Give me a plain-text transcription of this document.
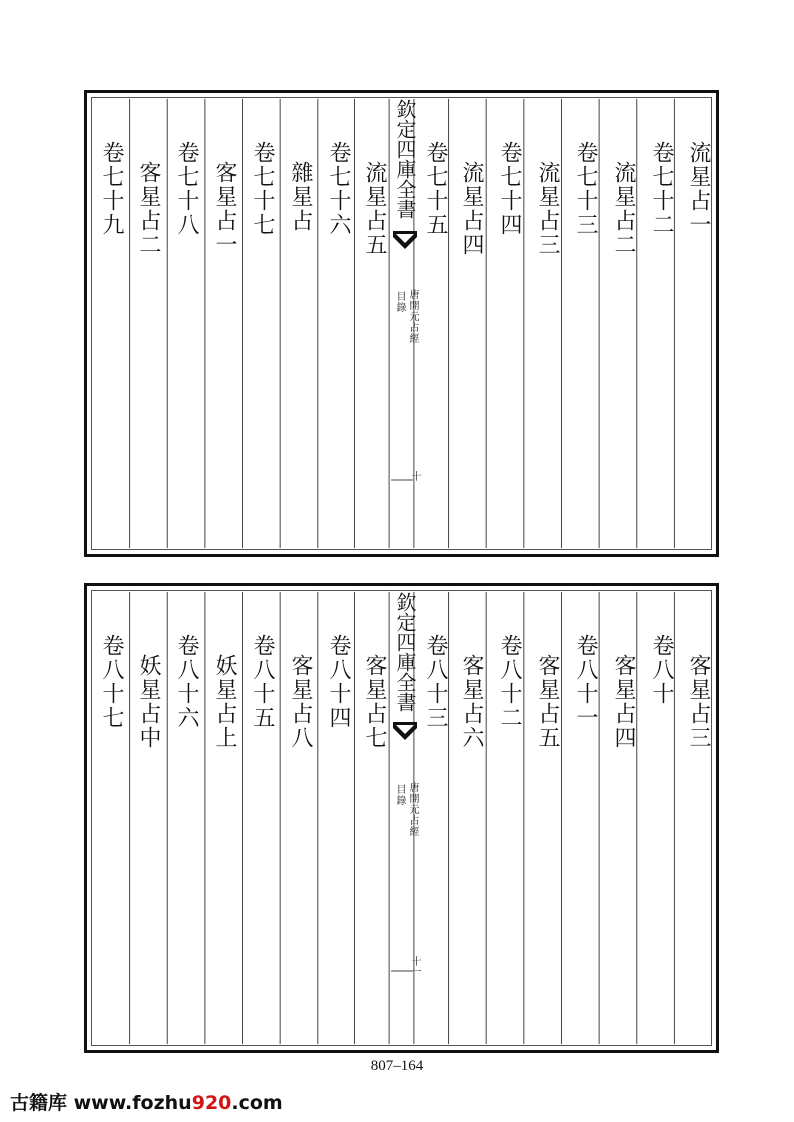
欽定四庫全書
唐開元占經
目錄
十
流星占一
卷七十二
流星占二
卷七十三
流星占三
卷七十四
流星占四
卷七十五
流星占五
卷七十六
雜星占
卷七十七
客星占一
卷七十八
客星占二
卷七十九
欽定四庫全書
唐開元占經
目錄
十一
客星占三
卷八十
客星占四
卷八十一
客星占五
卷八十二
客星占六
卷八十三
客星占七
卷八十四
客星占八
卷八十五
妖星占上
卷八十六
妖星占中
卷八十七
807–164
古籍库 www.fozhu920.com
